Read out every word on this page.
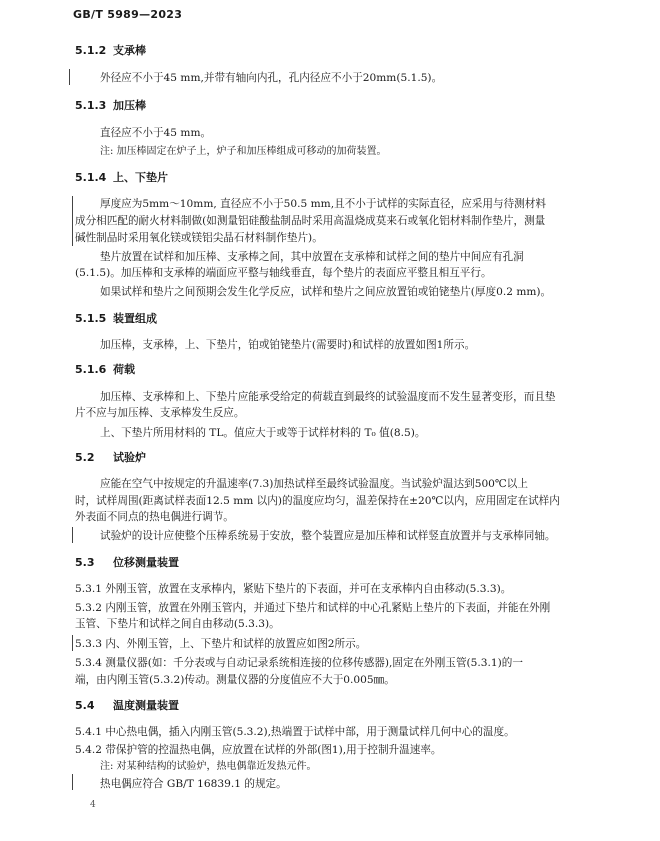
GB/T 5989—2023
5.1.2 支承棒
外径应不小于45 mm,并带有轴向内孔，孔内径应不小于20mm(5.1.5)。
5.1.3 加压棒
直径应不小于45 mm。
注: 加压棒固定在炉子上，炉子和加压棒组成可移动的加荷装置。
5.1.4 上、下垫片
厚度应为5mm～10mm, 直径应不小于50.5 mm,且不小于试样的实际直径，应采用与待测材料
成分相匹配的耐火材料制做(如测量铝硅酸盐制品时采用高温烧成莫来石或氧化铝材料制作垫片，测量
碱性制品时采用氧化镁或镁铝尖晶石材料制作垫片)。
垫片放置在试样和加压棒、支承棒之间，其中放置在支承棒和试样之间的垫片中间应有孔洞
(5.1.5)。加压棒和支承棒的端面应平整与轴线垂直，每个垫片的表面应平整且相互平行。
如果试样和垫片之间预期会发生化学反应，试样和垫片之间应放置铂或铂铑垫片(厚度0.2 mm)。
5.1.5 装置组成
加压棒，支承棒，上、下垫片，铂或铂铑垫片(需要时)和试样的放置如图1所示。
5.1.6 荷载
加压棒、支承棒和上、下垫片应能承受给定的荷载直到最终的试验温度而不发生显著变形，而且垫
片不应与加压棒、支承棒发生反应。
上、下垫片所用材料的 TL。值应大于或等于试样材料的 T₀ 值(8.5)。
5.2 试验炉
应能在空气中按规定的升温速率(7.3)加热试样至最终试验温度。当试验炉温达到500℃以上
时，试样周围(距离试样表面12.5 mm 以内)的温度应均匀，温差保持在±20℃以内，应用固定在试样内
外表面不同点的热电偶进行调节。
试验炉的设计应使整个压棒系统易于安放，整个装置应是加压棒和试样竖直放置并与支承棒同轴。
5.3 位移测量装置
5.3.1 外刚玉管，放置在支承棒内，紧贴下垫片的下表面，并可在支承棒内自由移动(5.3.3)。
5.3.2 内刚玉管，放置在外刚玉管内，并通过下垫片和试样的中心孔紧贴上垫片的下表面，并能在外刚
玉管、下垫片和试样之间自由移动(5.3.3)。
5.3.3 内、外刚玉管，上、下垫片和试样的放置应如图2所示。
5.3.4 测量仪器(如：千分表或与自动记录系统相连接的位移传感器),固定在外刚玉管(5.3.1)的一
端，由内刚玉管(5.3.2)传动。测量仪器的分度值应不大于0.005㎜。
5.4 温度测量装置
5.4.1 中心热电偶，插入内刚玉管(5.3.2),热端置于试样中部，用于测量试样几何中心的温度。
5.4.2 带保护管的控温热电偶，应放置在试样的外部(图1),用于控制升温速率。
注: 对某种结构的试验炉，热电偶靠近发热元件。
热电偶应符合 GB/T 16839.1 的规定。
4
